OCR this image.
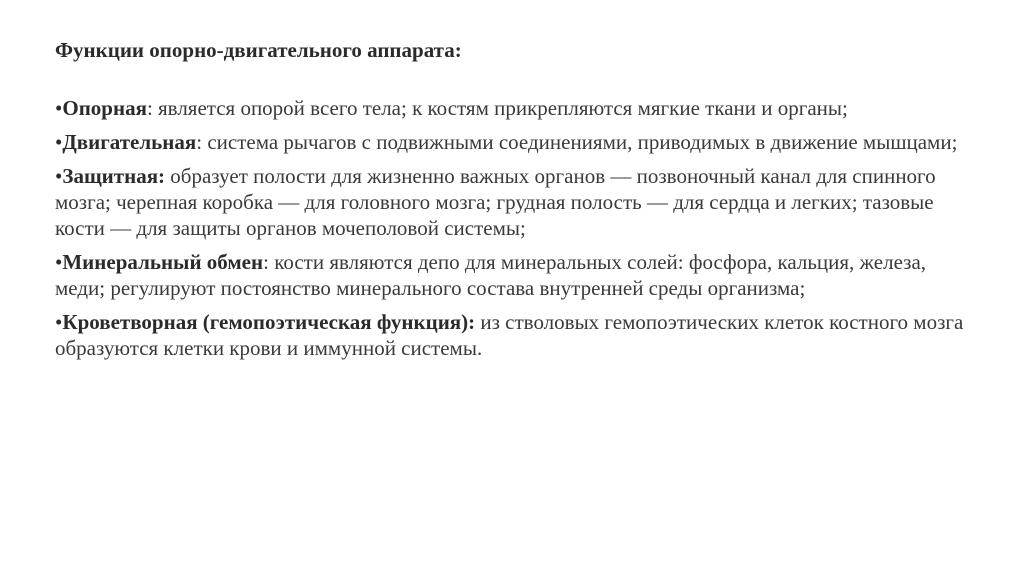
Функции опорно-двигательного аппарата:
•Опорная: является опорой всего тела; к костям прикрепляются мягкие ткани и органы;
•Двигательная: система рычагов с подвижными соединениями, приводимых в движение мышцами;
•Защитная: образует полости для жизненно важных органов — позвоночный канал для спинного мозга; черепная коробка — для головного мозга; грудная полость — для сердца и легких; тазовые кости — для защиты органов мочеполовой системы;
•Минеральный обмен: кости являются депо для минеральных солей: фосфора, кальция, железа, меди; регулируют постоянство минерального состава внутренней среды организма;
•Кроветворная (гемопоэтическая функция): из стволовых гемопоэтических клеток костного мозга образуются клетки крови и иммунной системы.
